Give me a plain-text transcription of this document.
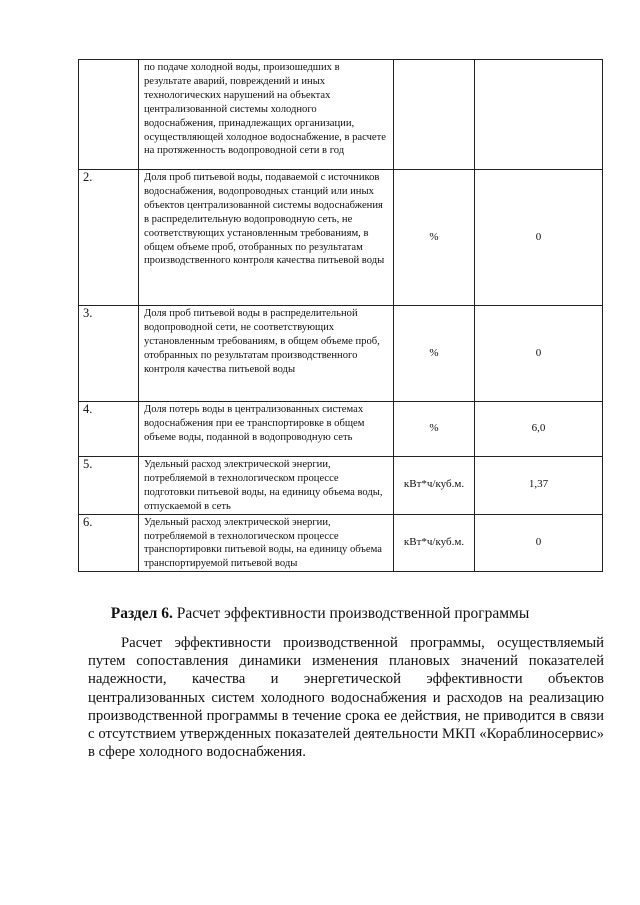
	по подаче холодной воды, произошедших в результате аварий, повреждений и иных технологических нарушений на объектах централизованной системы холодного водоснабжения, принадлежащих организации, осуществляющей холодное водоснабжение, в расчете на протяженность водопроводной сети в год		
2.	Доля проб питьевой воды, подаваемой с источников водоснабжения, водопроводных станций или иных объектов централизованной системы водоснабжения в распределительную водопроводную сеть, не соответствующих установленным требованиям, в общем объеме проб, отобранных по результатам производственного контроля качества питьевой воды	%	0
3.	Доля проб питьевой воды в распределительной водопроводной сети, не соответствующих установленным требованиям, в общем объеме проб, отобранных по результатам производственного контроля качества питьевой воды	%	0
4.	Доля потерь воды в централизованных системах водоснабжения при ее транспортировке в общем объеме воды, поданной в водопроводную сеть	%	6,0
5.	Удельный расход электрической энергии, потребляемой в технологическом процессе подготовки питьевой воды, на единицу объема воды, отпускаемой в сеть	кВт*ч/куб.м.	1,37
6.	Удельный расход электрической энергии, потребляемой в технологическом процессе транспортировки питьевой воды, на единицу объема транспортируемой питьевой воды	кВт*ч/куб.м.	0
Раздел 6. Расчет эффективности производственной программы

Расчет эффективности производственной программы, осуществляемый путем сопоставления динамики изменения плановых значений показателей надежности, качества и энергетической эффективности объектов централизованных систем холодного водоснабжения и расходов на реализацию производственной программы в течение срока ее действия, не приводится в связи с отсутствием утвержденных показателей деятельности МКП «Кораблиносервис» в сфере холодного водоснабжения.
